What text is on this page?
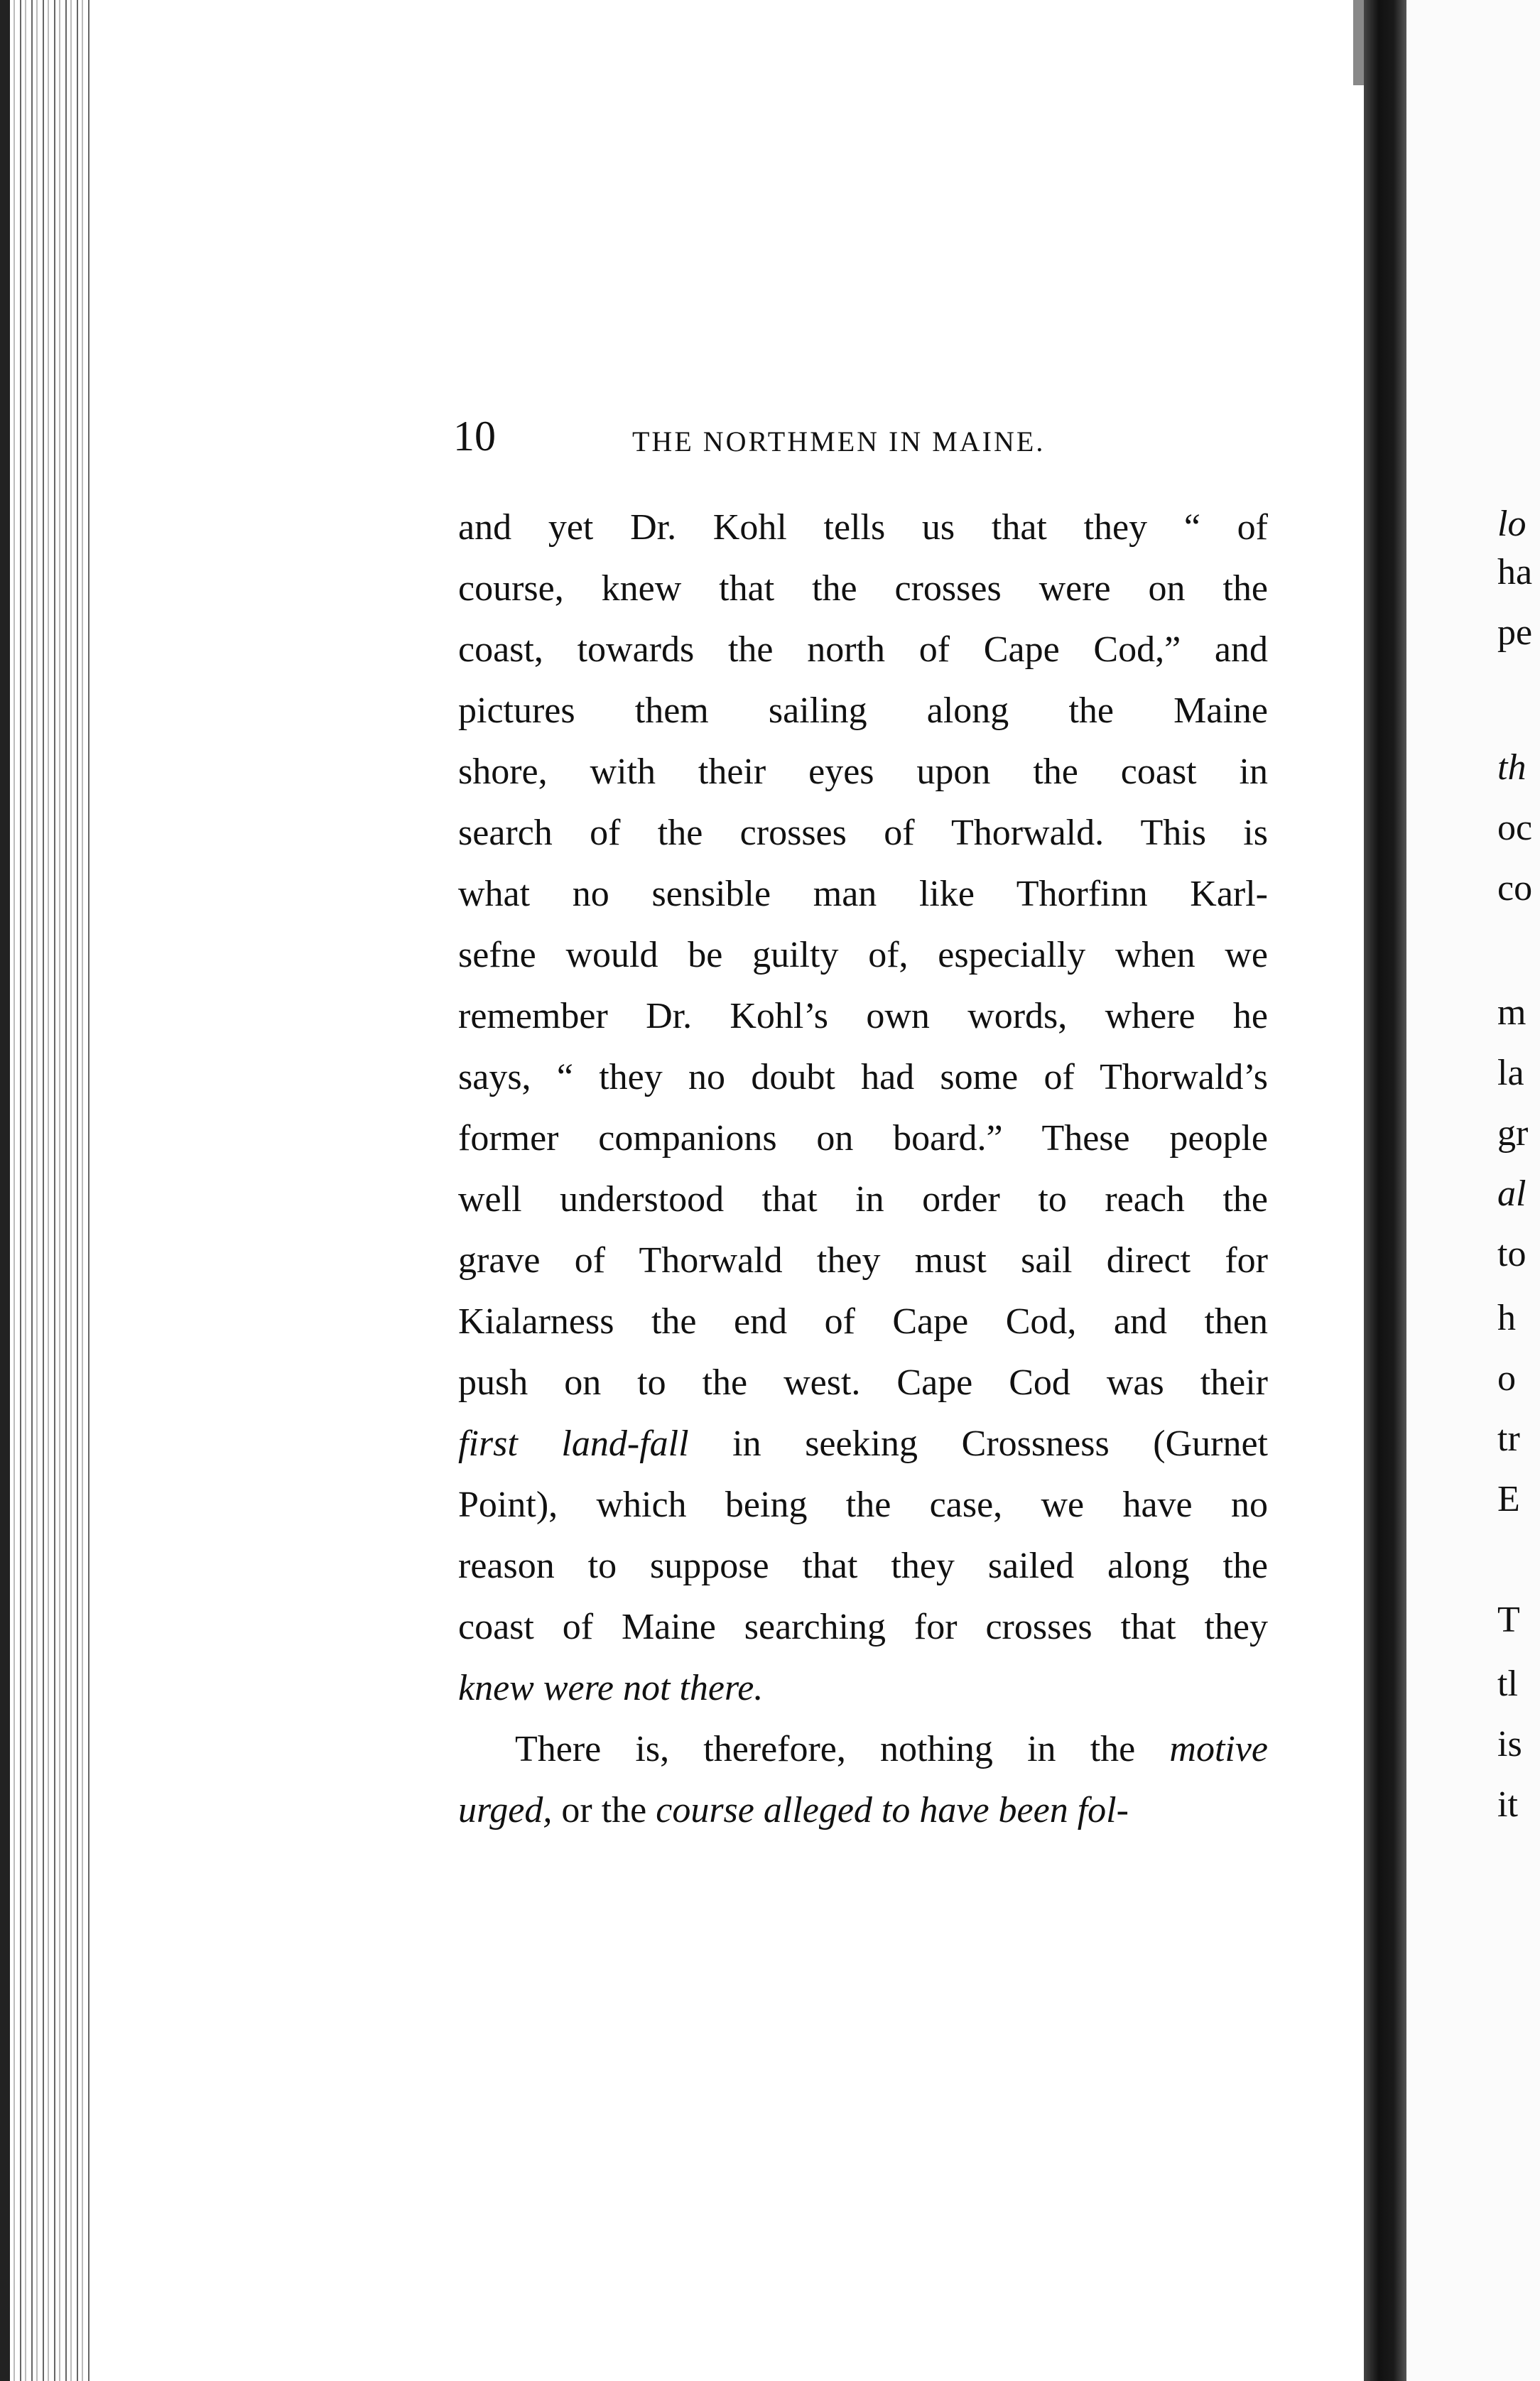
lo
ha
pe
th
oc
co
m
la
gr
al
to
h
o
tr
E
T
tl
is
it
10	THE NORTHMEN IN MAINE.
and yet Dr. Kohl tells us that they “ of
course, knew that the crosses were on the
coast, towards the north of Cape Cod,” and
pictures them sailing along the Maine
shore, with their eyes upon the coast in
search of the crosses of Thorwald. This is
what no sensible man like Thorfinn Karl-
sefne would be guilty of, especially when we
remember Dr. Kohl’s own words, where he
says, “ they no doubt had some of Thorwald’s
former companions on board.” These people
well understood that in order to reach the
grave of Thorwald they must sail direct for
Kialarness the end of Cape Cod, and then
push on to the west. Cape Cod was their
first land-fall in seeking Crossness (Gurnet
Point), which being the case, we have no
reason to suppose that they sailed along the
coast of Maine searching for crosses that they
knew were not there.
There is, therefore, nothing in the motive
urged, or the course alleged to have been fol-
